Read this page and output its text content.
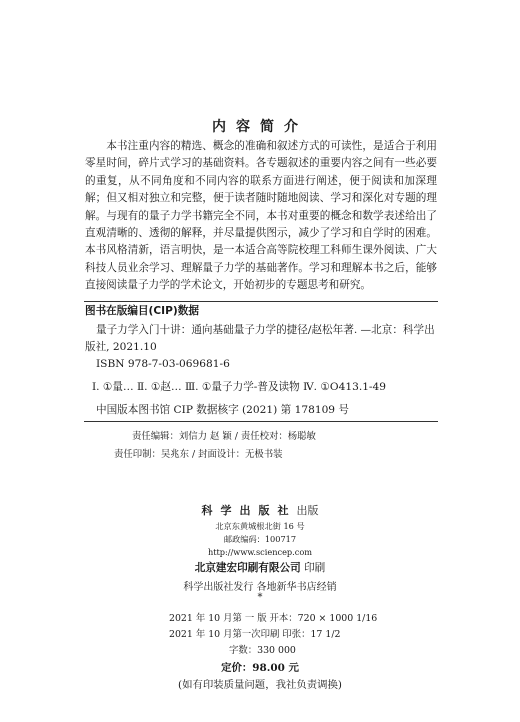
内容简介

本书注重内容的精选、概念的准确和叙述方式的可读性，是适合于利用零星时间，碎片式学习的基础资料。各专题叙述的重要内容之间有一些必要的重复，从不同角度和不同内容的联系方面进行阐述，便于阅读和加深理解；但又相对独立和完整，便于读者随时随地阅读、学习和深化对专题的理解。与现有的量子力学书籍完全不同，本书对重要的概念和数学表述给出了直观清晰的、透彻的解释，并尽量提供图示，减少了学习和自学时的困难。本书风格清新，语言明快，是一本适合高等院校理工科师生课外阅读、广大科技人员业余学习、理解量子力学的基础著作。学习和理解本书之后，能够直接阅读量子力学的学术论文，开始初步的专题思考和研究。

图书在版编目(CIP)数据
量子力学入门十讲：通向基础量子力学的捷径/赵松年著. —北京：科学出
版社, 2021.10
ISBN 978-7-03-069681-6
Ⅰ. ①量… Ⅱ. ①赵… Ⅲ. ①量子力学-普及读物 Ⅳ. ①O413.1-49
中国版本图书馆 CIP 数据核字 (2021) 第 178109 号
责任编辑：刘信力 赵 颖 / 责任校对：杨聪敏
责任印制：吴兆东 / 封面设计：无极书装
科学出版社出版
北京东黄城根北街 16 号
邮政编码：100717
http://www.sciencep.com
北京建宏印刷有限公司 印刷
科学出版社发行 各地新华书店经销
*
2021 年 10 月第 一 版 开本：720 × 1000 1/16
2021 年 10 月第一次印刷 印张：17 1/2
字数：330 000
定价：98.00 元
(如有印装质量问题，我社负责调换)
